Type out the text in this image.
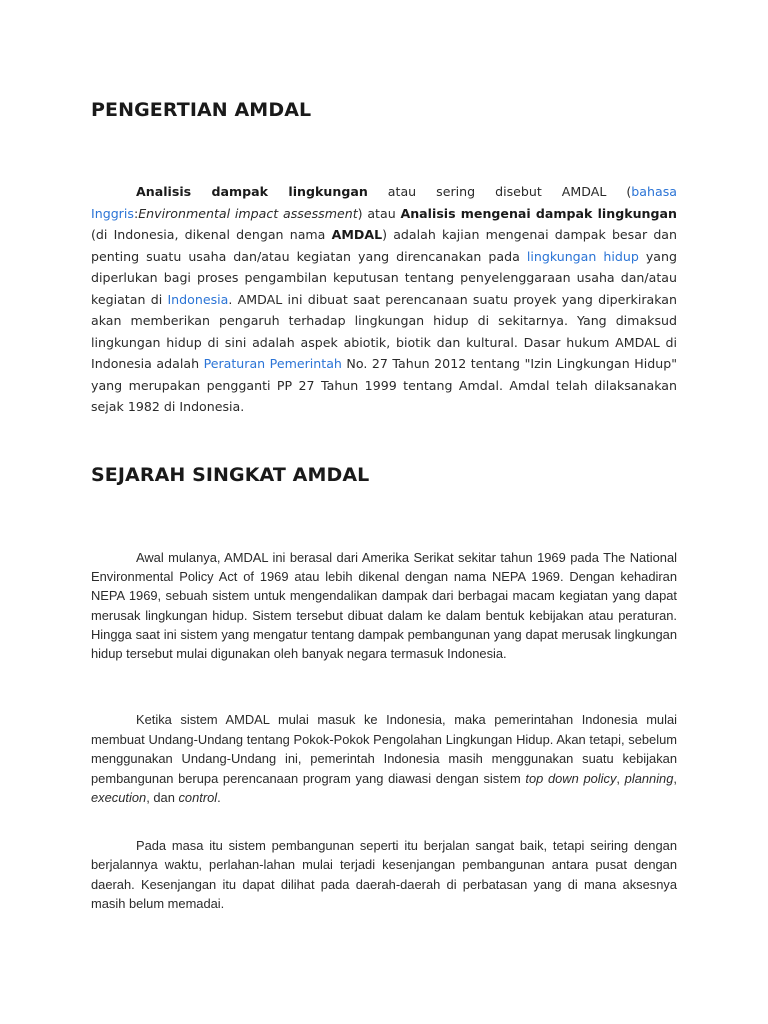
PENGERTIAN AMDAL

Analisis dampak lingkungan atau sering disebut AMDAL (bahasa Inggris:Environmental impact assessment) atau Analisis mengenai dampak lingkungan (di Indonesia, dikenal dengan nama AMDAL) adalah kajian mengenai dampak besar dan penting suatu usaha dan/atau kegiatan yang direncanakan pada lingkungan hidup yang diperlukan bagi proses pengambilan keputusan tentang penyelenggaraan usaha dan/atau kegiatan di Indonesia. AMDAL ini dibuat saat perencanaan suatu proyek yang diperkirakan akan memberikan pengaruh terhadap lingkungan hidup di sekitarnya. Yang dimaksud lingkungan hidup di sini adalah aspek abiotik, biotik dan kultural. Dasar hukum AMDAL di Indonesia adalah Peraturan Pemerintah No. 27 Tahun 2012 tentang "Izin Lingkungan Hidup" yang merupakan pengganti PP 27 Tahun 1999 tentang Amdal. Amdal telah dilaksanakan sejak 1982 di Indonesia.

SEJARAH SINGKAT AMDAL

Awal mulanya, AMDAL ini berasal dari Amerika Serikat sekitar tahun 1969 pada The National Environmental Policy Act of 1969 atau lebih dikenal dengan nama NEPA 1969. Dengan kehadiran NEPA 1969, sebuah sistem untuk mengendalikan dampak dari berbagai macam kegiatan yang dapat merusak lingkungan hidup. Sistem tersebut dibuat dalam ke dalam bentuk kebijakan atau peraturan. Hingga saat ini sistem yang mengatur tentang dampak pembangunan yang dapat merusak lingkungan hidup tersebut mulai digunakan oleh banyak negara termasuk Indonesia.

Ketika sistem AMDAL mulai masuk ke Indonesia, maka pemerintahan Indonesia mulai membuat Undang-Undang tentang Pokok-Pokok Pengolahan Lingkungan Hidup. Akan tetapi, sebelum menggunakan Undang-Undang ini, pemerintah Indonesia masih menggunakan suatu kebijakan pembangunan berupa perencanaan program yang diawasi dengan sistem top down policy, planning, execution, dan control.

Pada masa itu sistem pembangunan seperti itu berjalan sangat baik, tetapi seiring dengan berjalannya waktu, perlahan-lahan mulai terjadi kesenjangan pembangunan antara pusat dengan daerah. Kesenjangan itu dapat dilihat pada daerah-daerah di perbatasan yang di mana aksesnya masih belum memadai.
